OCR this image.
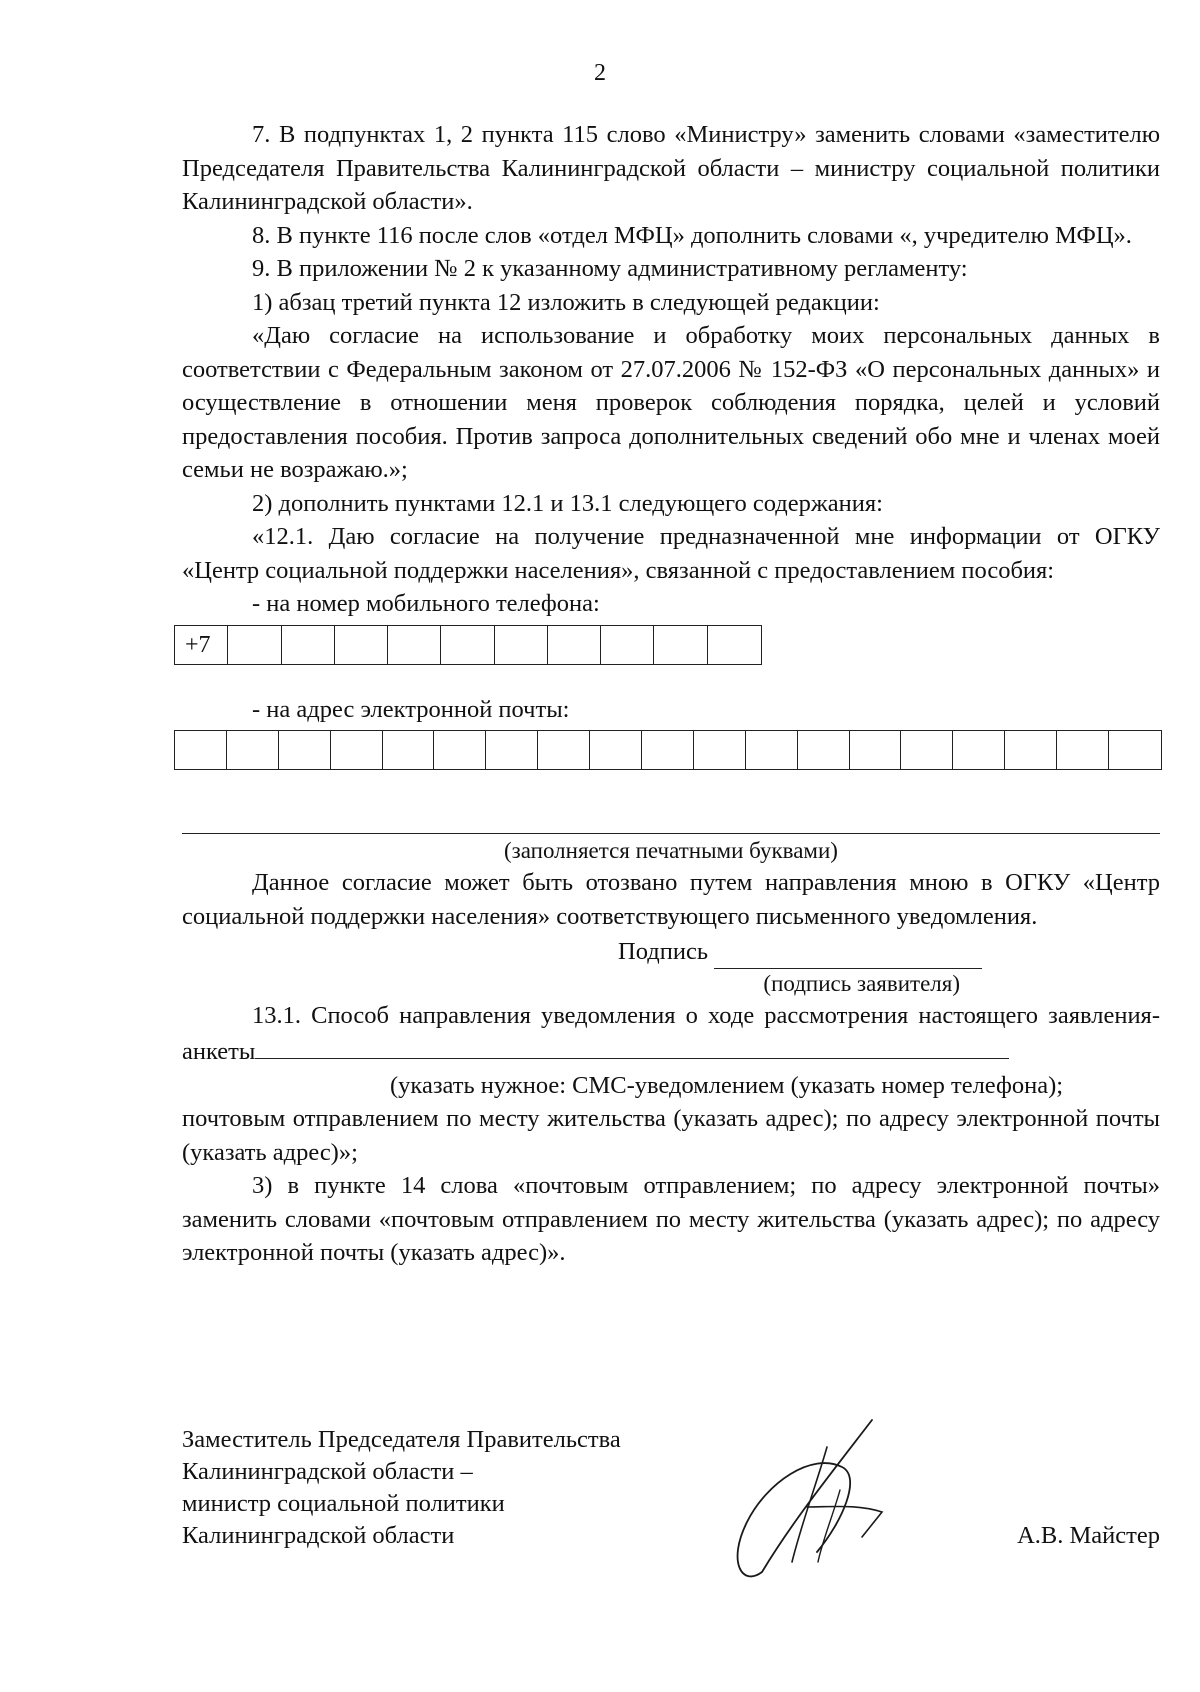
2

7. В подпунктах 1, 2 пункта 115 слово «Министру» заменить словами «заместителю Председателя Правительства Калининградской области – министру социальной политики Калининградской области».

8. В пункте 116 после слов «отдел МФЦ» дополнить словами «, учредителю МФЦ».

9. В приложении № 2 к указанному административному регламенту:

1) абзац третий пункта 12 изложить в следующей редакции:

«Даю согласие на использование и обработку моих персональных данных в соответствии с Федеральным законом от 27.07.2006 № 152-ФЗ «О персональных данных» и осуществление в отношении меня проверок соблюдения порядка, целей и условий предоставления пособия. Против запроса дополнительных сведений обо мне и членах моей семьи не возражаю.»;

2) дополнить пунктами 12.1 и 13.1 следующего содержания:

«12.1. Даю согласие на получение предназначенной мне информации от ОГКУ «Центр социальной поддержки населения», связанной с предоставлением пособия:

- на номер мобильного телефона:

+7

- на адрес электронной почты:

(заполняется печатными буквами)

Данное согласие может быть отозвано путем направления мною в ОГКУ «Центр социальной поддержки населения» соответствующего письменного уведомления.

Подпись

(подпись заявителя)

13.1. Способ направления уведомления о ходе рассмотрения настоящего заявления-анкеты

(указать нужное: СМС-уведомлением (указать номер телефона);

почтовым отправлением по месту жительства (указать адрес); по адресу электронной почты (указать адрес)»;

3) в пункте 14 слова «почтовым отправлением; по адресу электронной почты» заменить словами «почтовым отправлением по месту жительства (указать адрес); по адресу электронной почты (указать адрес)».

Заместитель Председателя Правительства
Калининградской области –
министр социальной политики
Калининградской области	А.В. Майстер
